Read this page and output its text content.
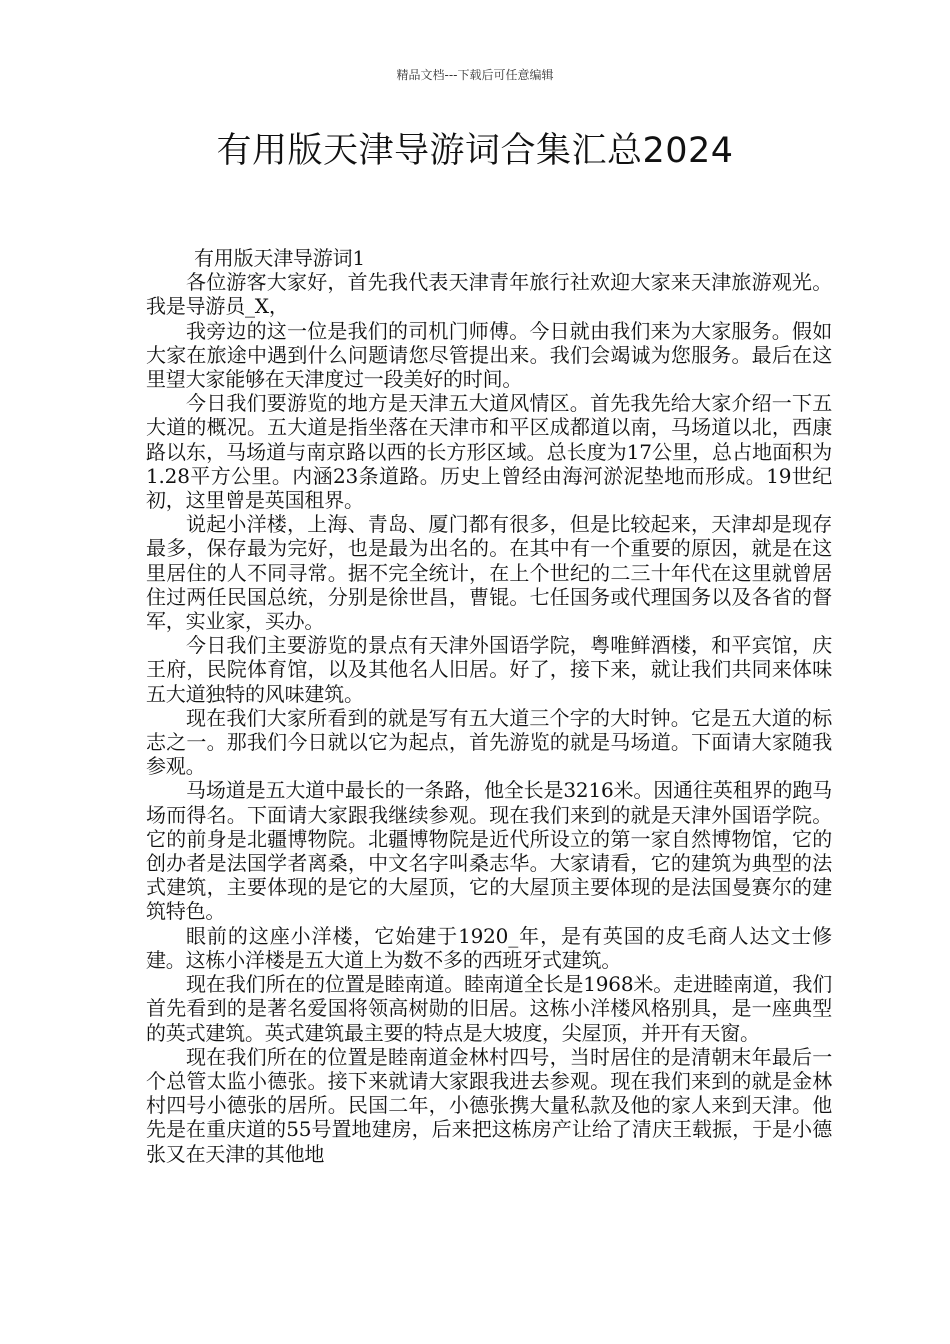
精品文档---下载后可任意编辑
有用版天津导游词合集汇总2024

有用版天津导游词1

各位游客大家好，首先我代表天津青年旅行社欢迎大家来天津旅游观光。我是导游员_X，

我旁边的这一位是我们的司机门师傅。今日就由我们来为大家服务。假如大家在旅途中遇到什么问题请您尽管提出来。我们会竭诚为您服务。最后在这里望大家能够在天津度过一段美好的时间。

今日我们要游览的地方是天津五大道风情区。首先我先给大家介绍一下五大道的概况。五大道是指坐落在天津市和平区成都道以南，马场道以北，西康路以东，马场道与南京路以西的长方形区域。总长度为17公里，总占地面积为1.28平方公里。内涵23条道路。历史上曾经由海河淤泥垫地而形成。19世纪初，这里曾是英国租界。

说起小洋楼，上海、青岛、厦门都有很多，但是比较起来，天津却是现存最多，保存最为完好，也是最为出名的。在其中有一个重要的原因，就是在这里居住的人不同寻常。据不完全统计，在上个世纪的二三十年代在这里就曾居住过两任民国总统，分别是徐世昌，曹锟。七任国务或代理国务以及各省的督军，实业家，买办。

今日我们主要游览的景点有天津外国语学院，粤唯鲜酒楼，和平宾馆，庆王府，民院体育馆，以及其他名人旧居。好了，接下来，就让我们共同来体味五大道独特的风味建筑。

现在我们大家所看到的就是写有五大道三个字的大时钟。它是五大道的标志之一。那我们今日就以它为起点，首先游览的就是马场道。下面请大家随我参观。

马场道是五大道中最长的一条路，他全长是3216米。因通往英租界的跑马场而得名。下面请大家跟我继续参观。现在我们来到的就是天津外国语学院。它的前身是北疆博物院。北疆博物院是近代所设立的第一家自然博物馆，它的创办者是法国学者离桑，中文名字叫桑志华。大家请看，它的建筑为典型的法式建筑，主要体现的是它的大屋顶，它的大屋顶主要体现的是法国曼赛尔的建筑特色。

眼前的这座小洋楼，它始建于1920_年，是有英国的皮毛商人达文士修建。这栋小洋楼是五大道上为数不多的西班牙式建筑。

现在我们所在的位置是睦南道。睦南道全长是1968米。走进睦南道，我们首先看到的是著名爱国将领高树勋的旧居。这栋小洋楼风格别具，是一座典型的英式建筑。英式建筑最主要的特点是大坡度，尖屋顶，并开有天窗。

现在我们所在的位置是睦南道金林村四号，当时居住的是清朝末年最后一个总管太监小德张。接下来就请大家跟我进去参观。现在我们来到的就是金林村四号小德张的居所。民国二年，小德张携大量私款及他的家人来到天津。他先是在重庆道的55号置地建房，后来把这栋房产让给了清庆王载振，于是小德张又在天津的其他地
